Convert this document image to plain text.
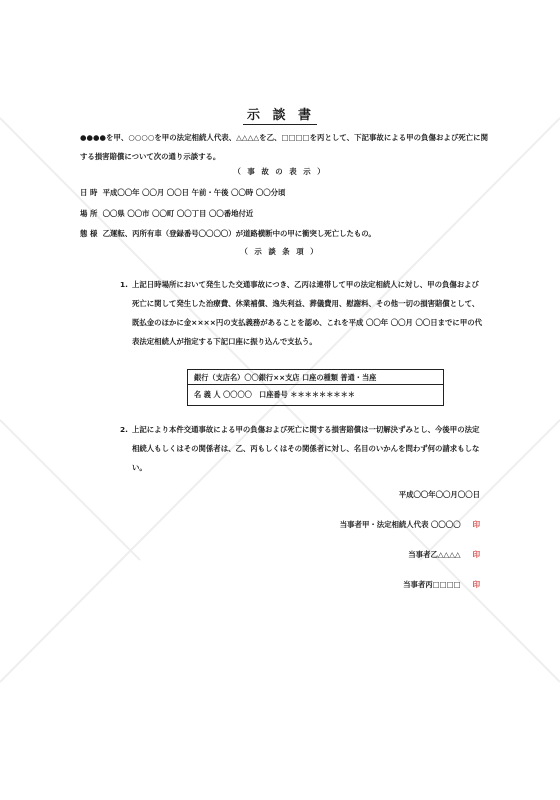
示 談 書
●●●●を甲、○○○○を甲の法定相続人代表、△△△△を乙、□□□□を丙として、下記事故による甲の負傷および死亡に関する損害賠償について次の通り示談する。
（ 事 故 の 表 示 ）
日 時 平成〇〇年 〇〇月 〇〇日 午前・午後 〇〇時 〇〇分頃
場 所 〇〇県 〇〇市 〇〇町 〇〇丁目 〇〇番地付近
態 様 乙運転、丙所有車（登録番号〇〇〇〇）が道路横断中の甲に衝突し死亡したもの。
（ 示 談 条 項 ）
1. 上記日時場所において発生した交通事故につき、乙丙は連帯して甲の法定相続人に対し、甲の負傷および死亡に関して発生した治療費、休業補償、逸失利益、葬儀費用、慰謝料、その他一切の損害賠償として、既払金のほかに金××××円の支払義務があることを認め、これを平成 〇〇年 〇〇月 〇〇日までに甲の代表法定相続人が指定する下記口座に振り込んで支払う。
銀行（支店名）〇〇銀行××支店 口座の種類 普通・当座
名 義 人 〇〇〇〇　口座番号 ＊＊＊＊＊＊＊＊＊
2. 上記により本件交通事故による甲の負傷および死亡に関する損害賠償は一切解決ずみとし、今後甲の法定相続人もしくはその関係者は、乙、丙もしくはその関係者に対し、名目のいかんを問わず何の請求もしない。
平成〇〇年〇〇月〇〇日
当事者甲・法定相続人代表 〇〇〇〇 印
当事者乙△△△△ 印
当事者丙□□□□ 印
